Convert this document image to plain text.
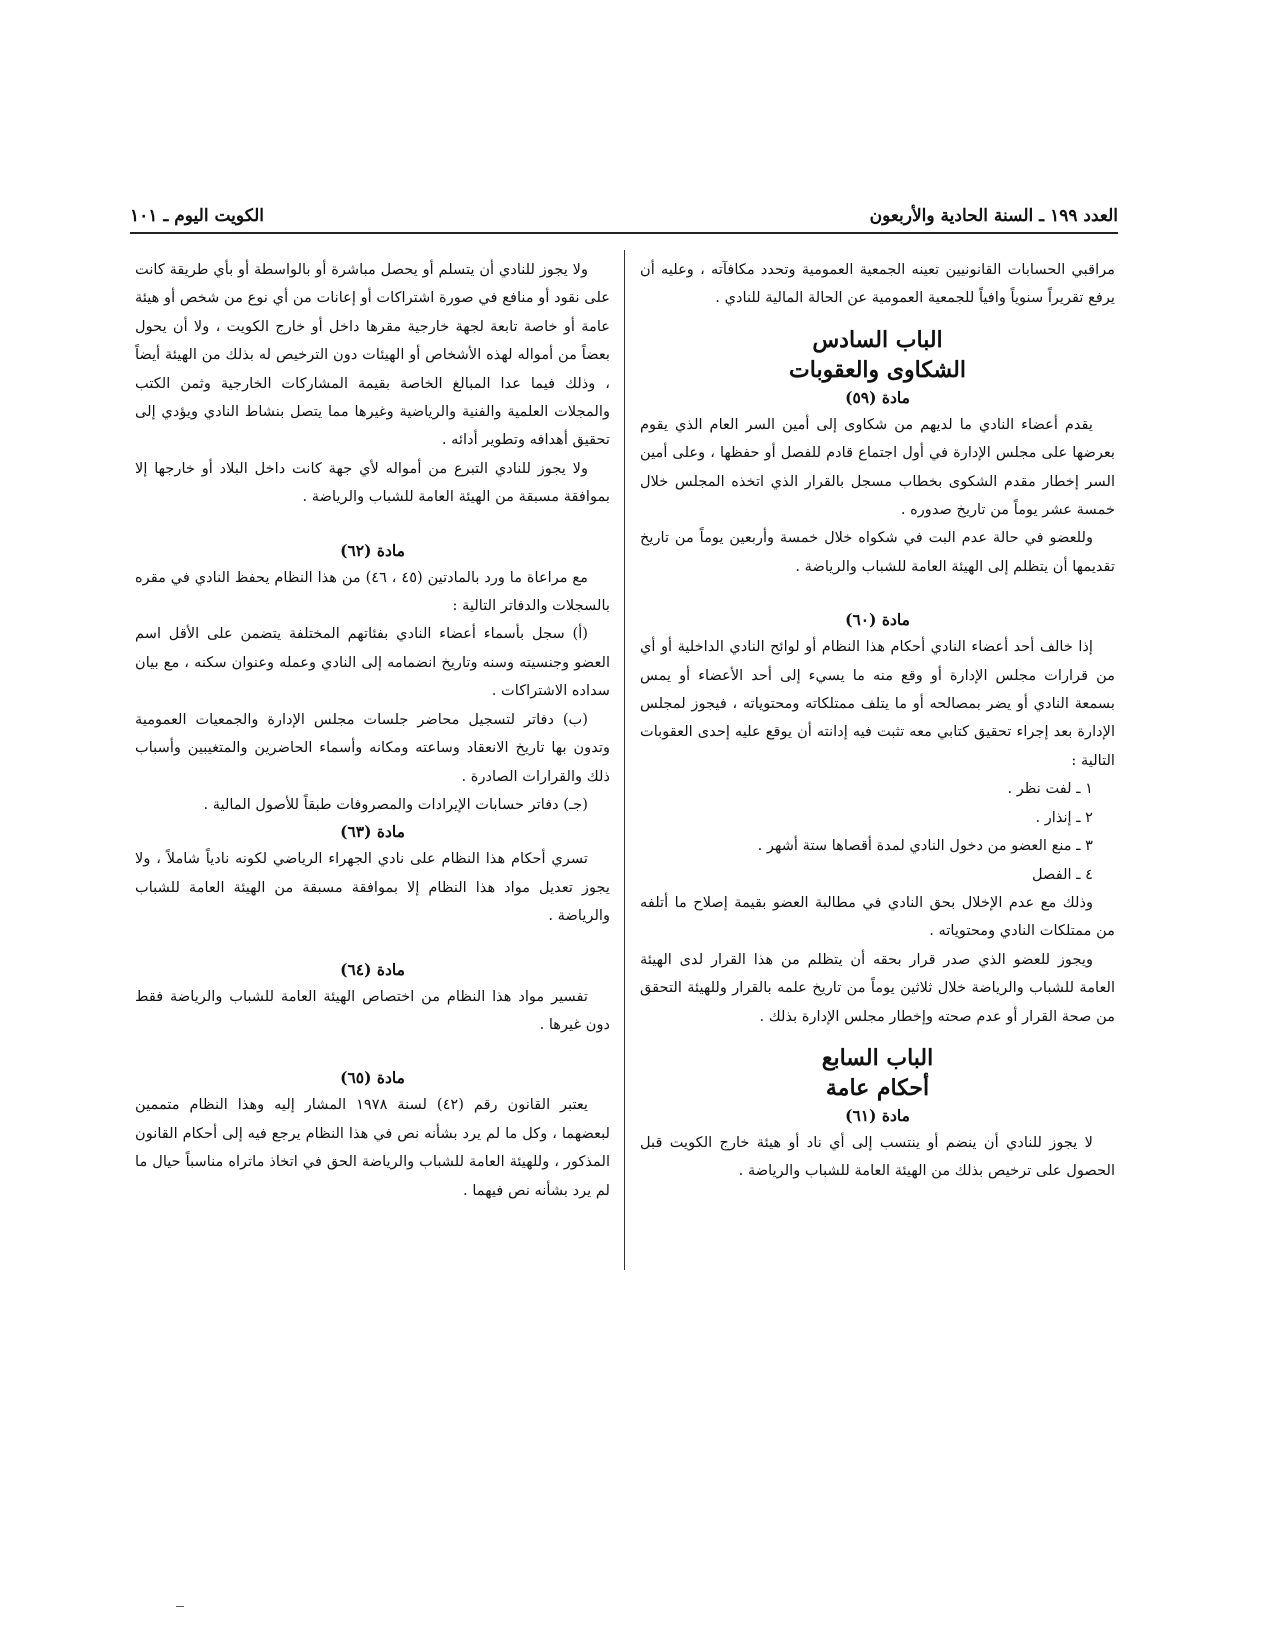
العدد ١٩٩ ـ السنة الحادية والأربعون
الكويت اليوم ـ ١٠١

مراقبي الحسابات القانونيين تعينه الجمعية العمومية وتحدد مكافآته ، وعليه أن يرفع تقريراً سنوياً وافياً للجمعية العمومية عن الحالة المالية للنادي .

الباب السادس
الشكاوى والعقوبات
مادة (٥٩)

يقدم أعضاء النادي ما لديهم من شكاوى إلى أمين السر العام الذي يقوم بعرضها على مجلس الإدارة في أول اجتماع قادم للفصل أو حفظها ، وعلى أمين السر إخطار مقدم الشكوى بخطاب مسجل بالقرار الذي اتخذه المجلس خلال خمسة عشر يوماً من تاريخ صدوره .

وللعضو في حالة عدم البت في شكواه خلال خمسة وأربعين يوماً من تاريخ تقديمها أن يتظلم إلى الهيئة العامة للشباب والرياضة .

مادة (٦٠)

إذا خالف أحد أعضاء النادي أحكام هذا النظام أو لوائح النادي الداخلية أو أي من قرارات مجلس الإدارة أو وقع منه ما يسيء إلى أحد الأعضاء أو يمس بسمعة النادي أو يضر بمصالحه أو ما يتلف ممتلكاته ومحتوياته ، فيجوز لمجلس الإدارة بعد إجراء تحقيق كتابي معه تثبت فيه إدانته أن يوقع عليه إحدى العقوبات التالية :

١ ـ لفت نظر .
٢ ـ إنذار .
٣ ـ منع العضو من دخول النادي لمدة أقصاها ستة أشهر .
٤ ـ الفصل

وذلك مع عدم الإخلال بحق النادي في مطالبة العضو بقيمة إصلاح ما أتلفه من ممتلكات النادي ومحتوياته .

ويجوز للعضو الذي صدر قرار بحقه أن يتظلم من هذا القرار لدى الهيئة العامة للشباب والرياضة خلال ثلاثين يوماً من تاريخ علمه بالقرار وللهيئة التحقق من صحة القرار أو عدم صحته وإخطار مجلس الإدارة بذلك .

الباب السابع
أحكام عامة
مادة (٦١)

لا يجوز للنادي أن ينضم أو ينتسب إلى أي ناد أو هيئة خارج الكويت قبل الحصول على ترخيص بذلك من الهيئة العامة للشباب والرياضة .

ولا يجوز للنادي أن يتسلم أو يحصل مباشرة أو بالواسطة أو بأي طريقة كانت على نقود أو منافع في صورة اشتراكات أو إعانات من أي نوع من شخص أو هيئة عامة أو خاصة تابعة لجهة خارجية مقرها داخل أو خارج الكويت ، ولا أن يحول بعضاً من أمواله لهذه الأشخاص أو الهيئات دون الترخيص له بذلك من الهيئة أيضاً ، وذلك فيما عدا المبالغ الخاصة بقيمة المشاركات الخارجية وثمن الكتب والمجلات العلمية والفنية والرياضية وغيرها مما يتصل بنشاط النادي ويؤدي إلى تحقيق أهدافه وتطوير أدائه .

ولا يجوز للنادي التبرع من أمواله لأي جهة كانت داخل البلاد أو خارجها إلا بموافقة مسبقة من الهيئة العامة للشباب والرياضة .

مادة (٦٢)

مع مراعاة ما ورد بالمادتين (٤٥ ، ٤٦) من هذا النظام يحفظ النادي في مقره بالسجلات والدفاتر التالية :

(أ) سجل بأسماء أعضاء النادي بفئاتهم المختلفة يتضمن على الأقل اسم العضو وجنسيته وسنه وتاريخ انضمامه إلى النادي وعمله وعنوان سكنه ، مع بيان سداده الاشتراكات .

(ب) دفاتر لتسجيل محاضر جلسات مجلس الإدارة والجمعيات العمومية وتدون بها تاريخ الانعقاد وساعته ومكانه وأسماء الحاضرين والمتغيبين وأسباب ذلك والقرارات الصادرة .

(جـ) دفاتر حسابات الإيرادات والمصروفات طبقاً للأصول المالية .

مادة (٦٣)

تسري أحكام هذا النظام على نادي الجهراء الرياضي لكونه نادياً شاملاً ، ولا يجوز تعديل مواد هذا النظام إلا بموافقة مسبقة من الهيئة العامة للشباب والرياضة .

مادة (٦٤)

تفسير مواد هذا النظام من اختصاص الهيئة العامة للشباب والرياضة فقط دون غيرها .

مادة (٦٥)

يعتبر القانون رقم (٤٢) لسنة ١٩٧٨ المشار إليه وهذا النظام متممين لبعضهما ، وكل ما لم يرد بشأنه نص في هذا النظام يرجع فيه إلى أحكام القانون المذكور ، وللهيئة العامة للشباب والرياضة الحق في اتخاذ ماتراه مناسباً حيال ما لم يرد بشأنه نص فيهما .
